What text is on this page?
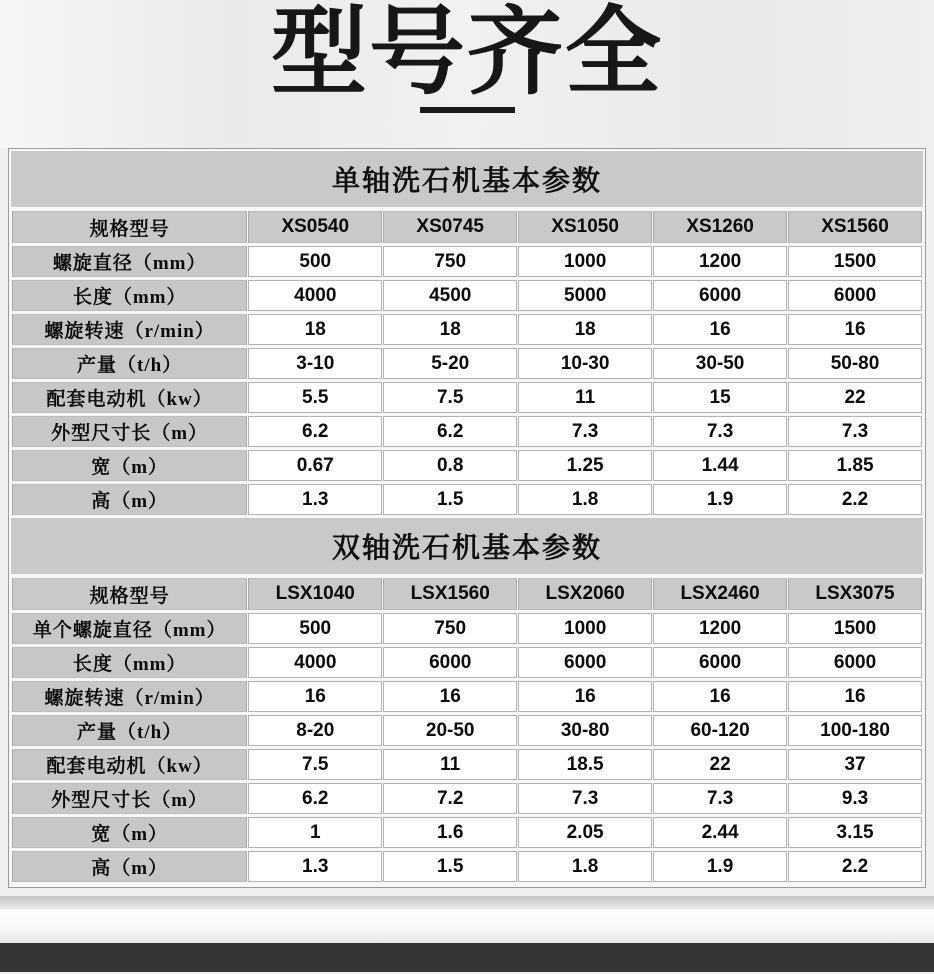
型号齐全
单轴洗石机基本参数
规格型号	XS0540	XS0745	XS1050	XS1260	XS1560
螺旋直径（mm）	500	750	1000	1200	1500
长度（mm）	4000	4500	5000	6000	6000
螺旋转速（r/min）	18	18	18	16	16
产量（t/h）	3-10	5-20	10-30	30-50	50-80
配套电动机（kw）	5.5	7.5	11	15	22
外型尺寸长（m）	6.2	6.2	7.3	7.3	7.3
宽（m）	0.67	0.8	1.25	1.44	1.85
高（m）	1.3	1.5	1.8	1.9	2.2
双轴洗石机基本参数
规格型号	LSX1040	LSX1560	LSX2060	LSX2460	LSX3075
单个螺旋直径（mm）	500	750	1000	1200	1500
长度（mm）	4000	6000	6000	6000	6000
螺旋转速（r/min）	16	16	16	16	16
产量（t/h）	8-20	20-50	30-80	60-120	100-180
配套电动机（kw）	7.5	11	18.5	22	37
外型尺寸长（m）	6.2	7.2	7.3	7.3	9.3
宽（m）	1	1.6	2.05	2.44	3.15
高（m）	1.3	1.5	1.8	1.9	2.2
